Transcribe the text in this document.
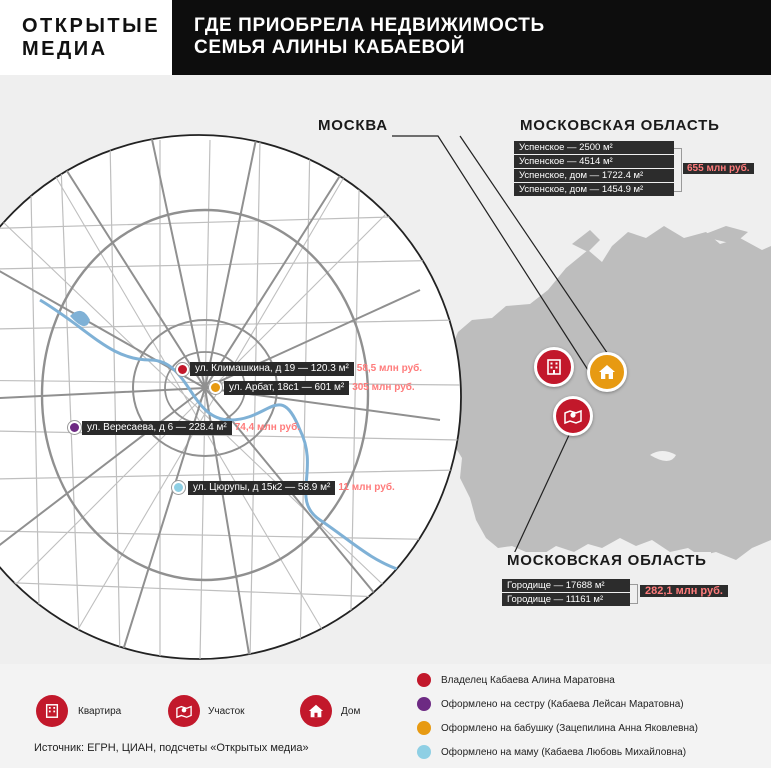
ОТКРЫТЫЕ
МЕДИА
ГДЕ ПРИОБРЕЛА НЕДВИЖИМОСТЬ
СЕМЬЯ АЛИНЫ КАБАЕВОЙ
МОСКВА	МОСКОВСКАЯ ОБЛАСТЬ
МОСКОВСКАЯ ОБЛАСТЬ
Успенское — 2500 м²
Успенское — 4514 м²
Успенское, дом — 1722.4 м²
Успенское, дом — 1454.9 м²
655 млн руб.
Городище — 17688 м²
Городище — 11161 м²
282,1 млн руб.
ул. Климашкина, д 19 — 120.3 м² 58,5 млн руб.
ул. Арбат, 18с1 — 601 м² 305 млн руб.
ул. Вересаева, д 6 — 228.4 м² 74,4 млн руб.
ул. Цюрупы, д 15к2 — 58.9 м² 11 млн руб.
Квартира	Участок	Дом
Источник: ЕГРН, ЦИАН, подсчеты «Открытых медиа»
Владелец Кабаева Алина Маратовна
Оформлено на сестру (Кабаева Лейсан Маратовна)
Оформлено на бабушку (Зацепилина Анна Яковлевна)
Оформлено на маму (Кабаева Любовь Михайловна)
